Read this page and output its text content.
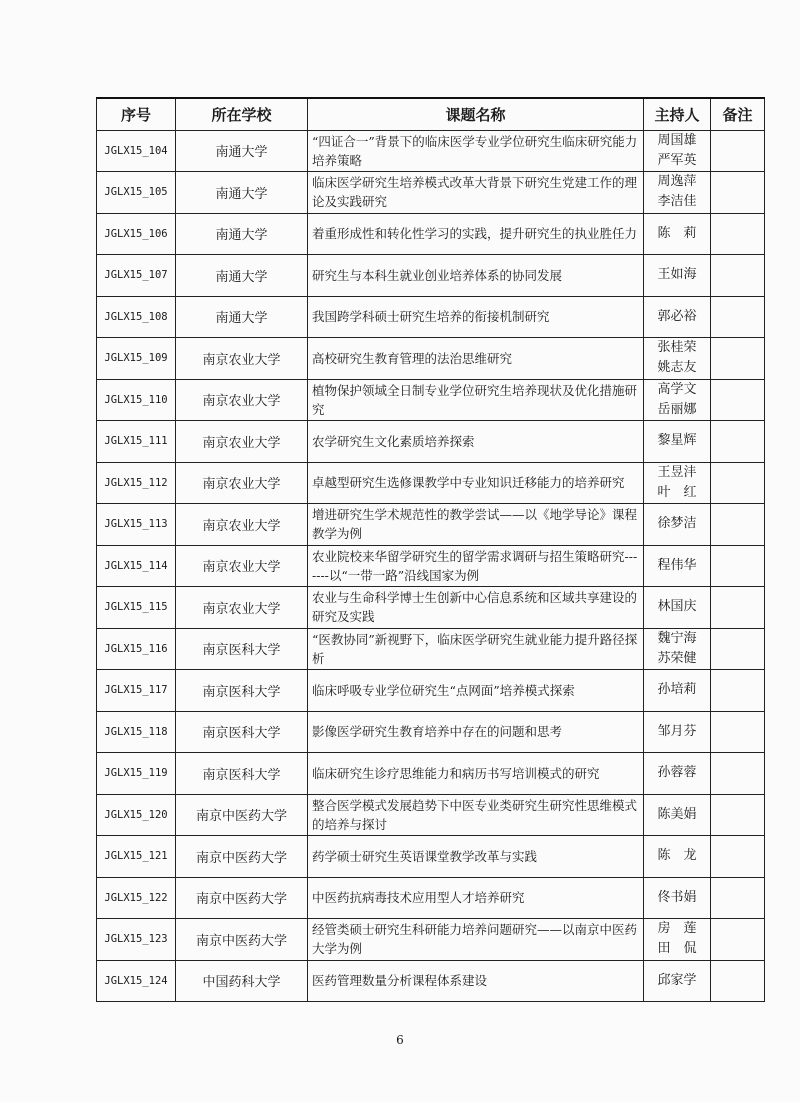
序号	所在学校	课题名称	主持人	备注
JGLX15_104	南通大学	“四证合一”背景下的临床医学专业学位研究生临床研究能力培养策略	周国雄
严军英	

JGLX15_105	南通大学	临床医学研究生培养模式改革大背景下研究生党建工作的理论及实践研究	周逸萍
李洁佳	

JGLX15_106	南通大学	着重形成性和转化性学习的实践，提升研究生的执业胜任力	陈　莉	

JGLX15_107	南通大学	研究生与本科生就业创业培养体系的协同发展	王如海	

JGLX15_108	南通大学	我国跨学科硕士研究生培养的衔接机制研究	郭必裕	

JGLX15_109	南京农业大学	高校研究生教育管理的法治思维研究	张桂荣
姚志友	

JGLX15_110	南京农业大学	植物保护领域全日制专业学位研究生培养现状及优化措施研究	高学文
岳丽娜	

JGLX15_111	南京农业大学	农学研究生文化素质培养探索	黎星辉	

JGLX15_112	南京农业大学	卓越型研究生选修课教学中专业知识迁移能力的培养研究	王昱沣
叶　红	

JGLX15_113	南京农业大学	增进研究生学术规范性的教学尝试——以《地学导论》课程教学为例	徐梦洁	

JGLX15_114	南京农业大学	农业院校来华留学研究生的留学需求调研与招生策略研究-------以“一带一路”沿线国家为例	程伟华	

JGLX15_115	南京农业大学	农业与生命科学博士生创新中心信息系统和区域共享建设的研究及实践	林国庆	

JGLX15_116	南京医科大学	“医教协同”新视野下，临床医学研究生就业能力提升路径探析	魏宁海
苏荣健	

JGLX15_117	南京医科大学	临床呼吸专业学位研究生“点网面”培养模式探索	孙培莉	

JGLX15_118	南京医科大学	影像医学研究生教育培养中存在的问题和思考	邹月芬	

JGLX15_119	南京医科大学	临床研究生诊疗思维能力和病历书写培训模式的研究	孙蓉蓉	

JGLX15_120	南京中医药大学	整合医学模式发展趋势下中医专业类研究生研究性思维模式的培养与探讨	陈美娟	

JGLX15_121	南京中医药大学	药学硕士研究生英语课堂教学改革与实践	陈　龙	

JGLX15_122	南京中医药大学	中医药抗病毒技术应用型人才培养研究	佟书娟	

JGLX15_123	南京中医药大学	经管类硕士研究生科研能力培养问题研究——以南京中医药大学为例	房　莲
田　侃	

JGLX15_124	中国药科大学	医药管理数量分析课程体系建设	邱家学	

6
